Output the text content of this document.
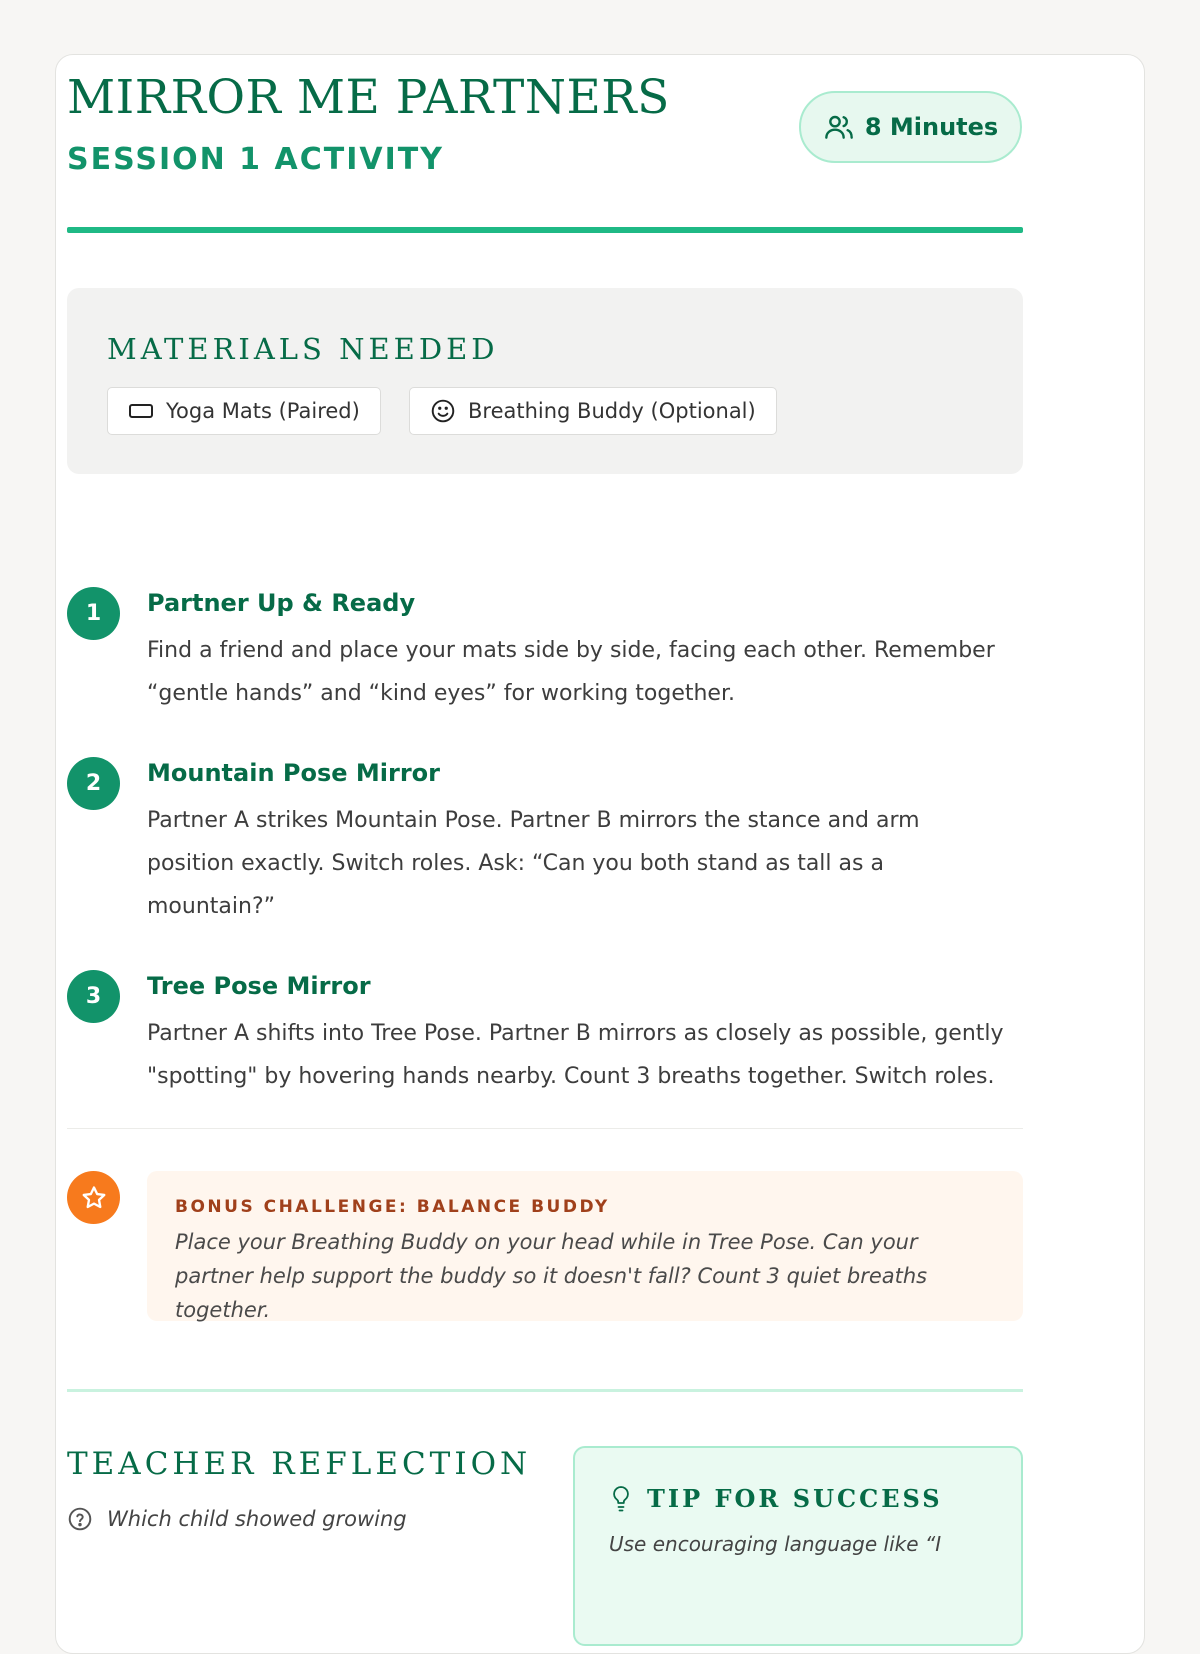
MIRROR ME PARTNERS
SESSION 1 ACTIVITY
8 Minutes
MATERIALS NEEDED
Yoga Mats (Paired)	Breathing Buddy (Optional)
1	Partner Up & Ready

Find a friend and place your mats side by side, facing each other. Remember “gentle hands” and “kind eyes” for working together.

2	Mountain Pose Mirror

Partner A strikes Mountain Pose. Partner B mirrors the stance and arm position exactly. Switch roles. Ask: “Can you both stand as tall as a mountain?”

3	Tree Pose Mirror

Partner A shifts into Tree Pose. Partner B mirrors as closely as possible, gently "spotting" by hovering hands nearby. Count 3 breaths together. Switch roles.

BONUS CHALLENGE: BALANCE BUDDY

Place your Breathing Buddy on your head while in Tree Pose. Can your partner help support the buddy so it doesn't fall? Count 3 quiet breaths together.

TEACHER REFLECTION
Which child showed growing
TIP FOR SUCCESS

Use encouraging language like “I
